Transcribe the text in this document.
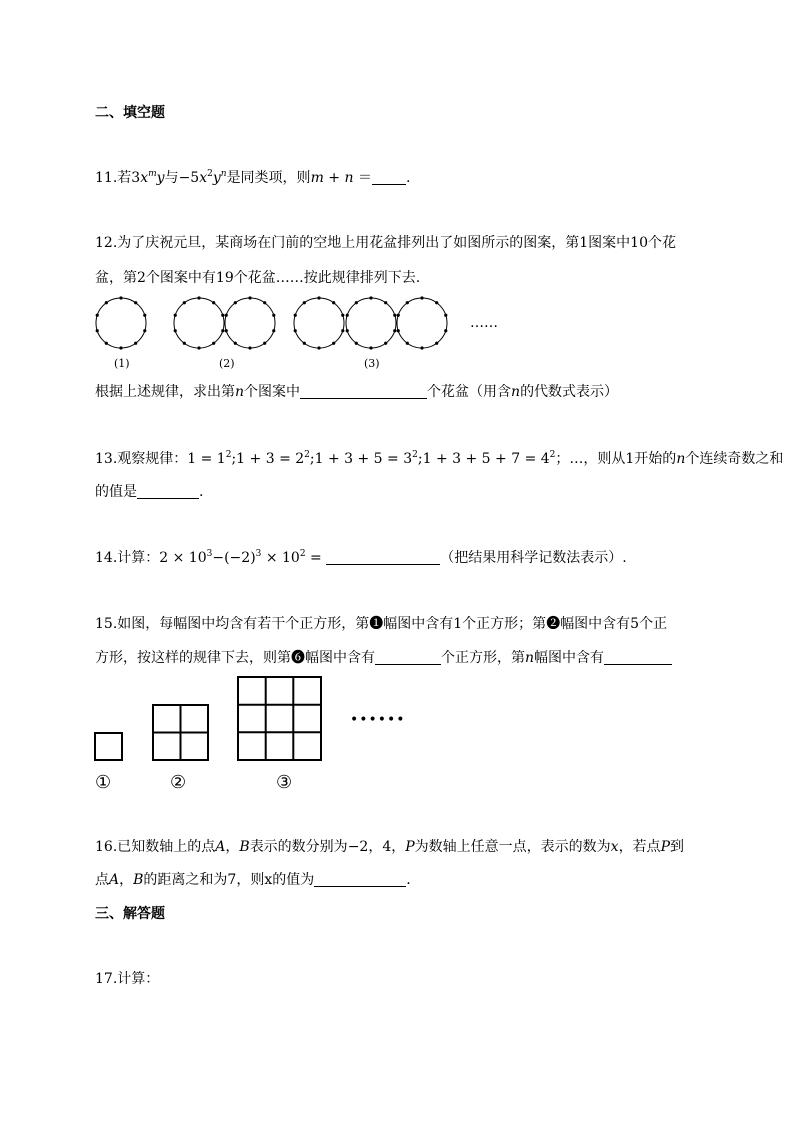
二、填空题
11.若$3x^my$与$-5x^2y^n$是同类项，则m + n ＝ .
12.为了庆祝元旦，某商场在门前的空地上用花盆排列出了如图所示的图案，第1图案中10个花
盆，第2个图案中有19个花盆……按此规律排列下去.
(1)	(2)	(3)
……
根据上述规律，求出第n个图案中	个花盆（用含n的代数式表示）
13.观察规律：$1 = 1^2;1 + 3$ = $2^2;1 + 3 + 5$ = $3^2;1 + 3 + 5 + 7 = 4^2$；…，则从1开始的n个连续奇数之和
的值是	.
14.计算：$2 \times 10^3-(-2)^3 \times 10^2$ =	（把结果用科学记数法表示）.
15.如图，每幅图中均含有若干个正方形，第❶幅图中含有1个正方形；第❷幅图中含有5个正
方形，按这样的规律下去，则第❻幅图中含有	个正方形，第n幅图中含有
••••••
①	②	③
16.已知数轴上的点A，B表示的数分别为−2，4，P为数轴上任意一点，表示的数为x，若点P到
点A，B的距离之和为7，则x的值为	.
三、解答题
17.计算：
